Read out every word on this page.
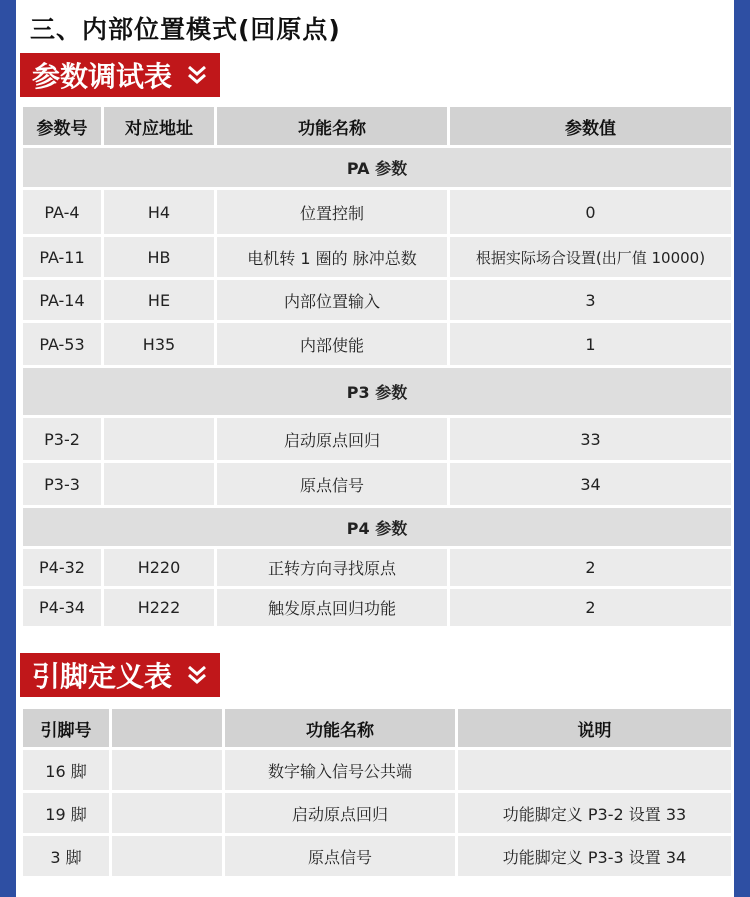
三、内部位置模式(回原点)
参数调试表
参数号	对应地址	功能名称	参数值
PA 参数			
PA-4	H4	位置控制	0
PA-11	HB	电机转 1 圈的 脉冲总数	根据实际场合设置(出厂值 10000)
PA-14	HE	内部位置输入	3
PA-53	H35	内部使能	1
P3 参数			
P3-2		启动原点回归	33
P3-3		原点信号	34
P4 参数			
P4-32	H220	正转方向寻找原点	2
P4-34	H222	触发原点回归功能	2
引脚定义表
引脚号		功能名称	说明
16 脚		数字输入信号公共端	
19 脚		启动原点回归	功能脚定义 P3-2 设置 33
3 脚		原点信号	功能脚定义 P3-3 设置 34
